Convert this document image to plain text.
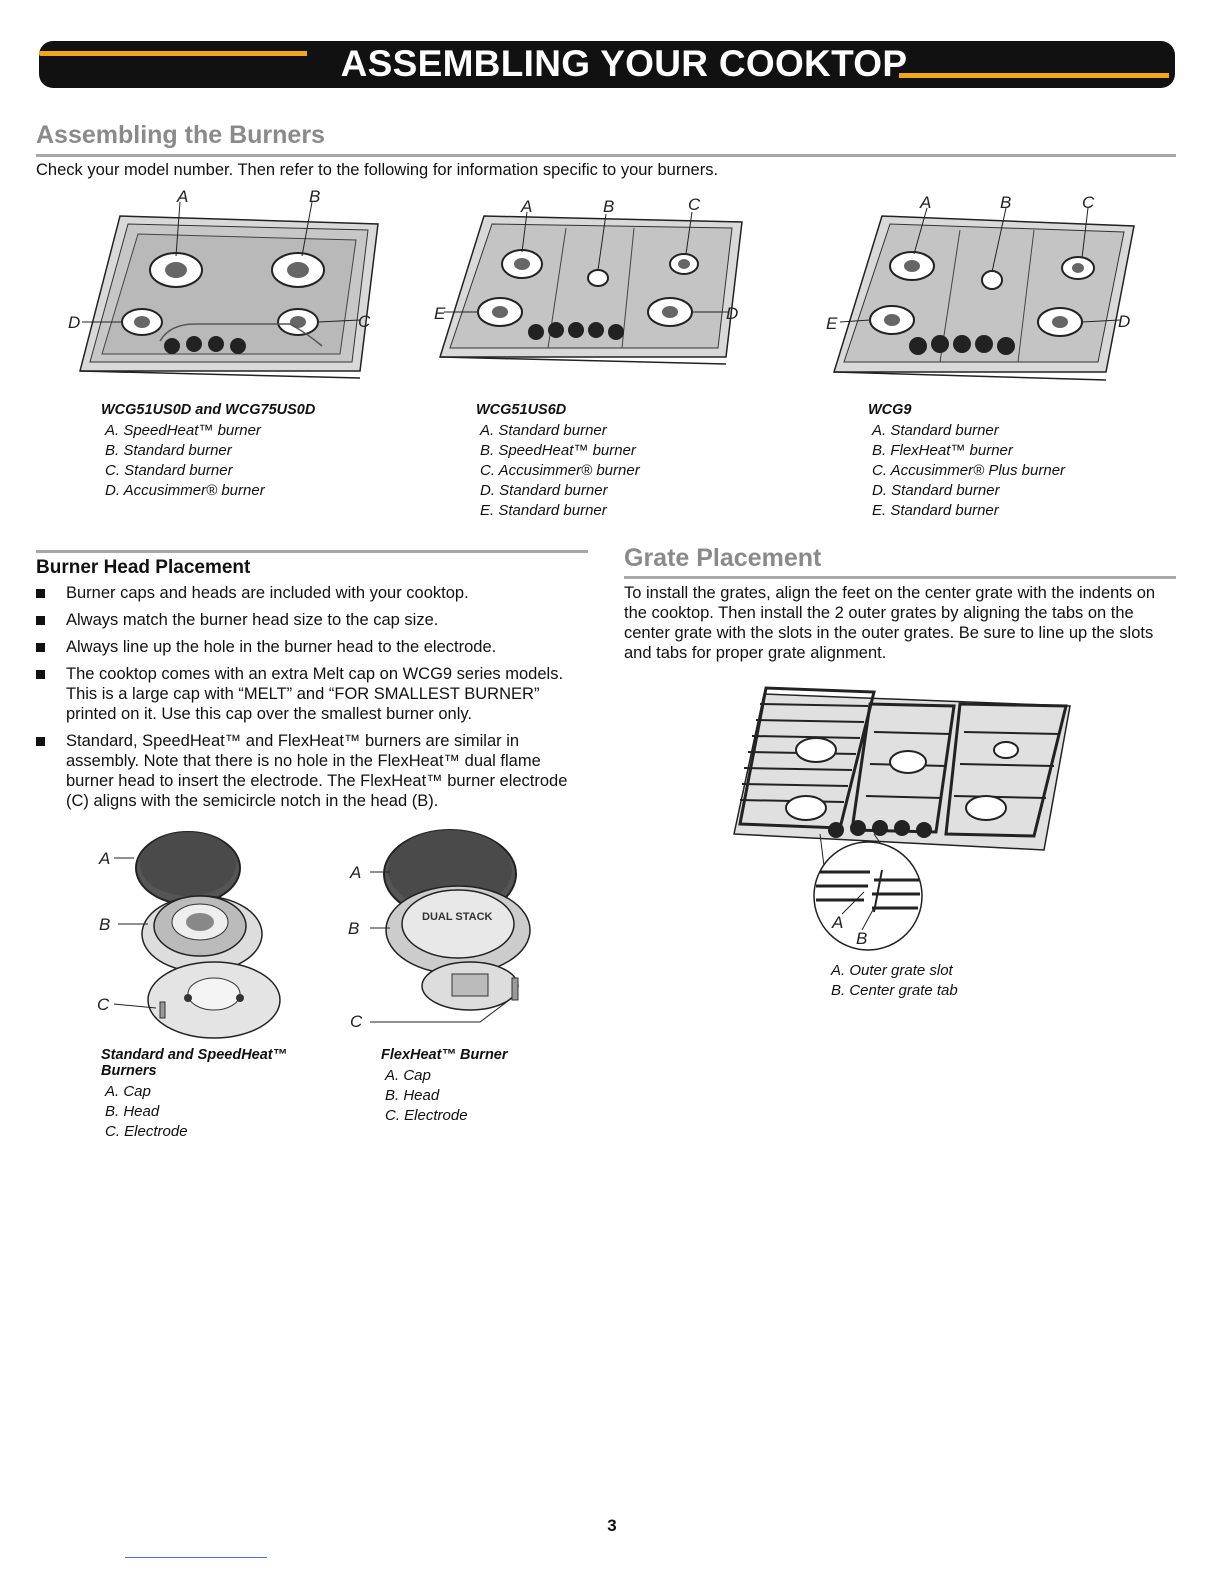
ASSEMBLING YOUR COOKTOP
Assembling the Burners
Check your model number. Then refer to the following for information specific to your burners.
A	B
C
D
A	B	C
D
E
A	B	C
D
E
WCG51US0D and WCG75US0D
A. SpeedHeat™ burner
B. Standard burner
C. Standard burner
D. Accusimmer® burner
WCG51US6D
A. Standard burner
B. SpeedHeat™ burner
C. Accusimmer® burner
D. Standard burner
E. Standard burner
WCG9
A. Standard burner
B. FlexHeat™ burner
C. Accusimmer® Plus burner
D. Standard burner
E. Standard burner
Burner Head Placement
Burner caps and heads are included with your cooktop.
Always match the burner head size to the cap size.
Always line up the hole in the burner head to the electrode.
The cooktop comes with an extra Melt cap on WCG9 series models. This is a large cap with “MELT” and “FOR SMALLEST BURNER” printed on it. Use this cap over the smallest burner only.
Standard, SpeedHeat™ and FlexHeat™ burners are similar in assembly. Note that there is no hole in the FlexHeat™ dual flame burner head to insert the electrode. The FlexHeat™ burner electrode (C) aligns with the semicircle notch in the head (B).
A
B
C
DUAL STACK
A
B
C
Standard and SpeedHeat™ Burners
A. Cap
B. Head
C. Electrode
FlexHeat™ Burner
A. Cap
B. Head
C. Electrode
Grate Placement
To install the grates, align the feet on the center grate with the indents on the cooktop. Then install the 2 outer grates by aligning the tabs on the center grate with the slots in the outer grates. Be sure to line up the slots and tabs for proper grate alignment.
A
B
A. Outer grate slot
B. Center grate tab
3
